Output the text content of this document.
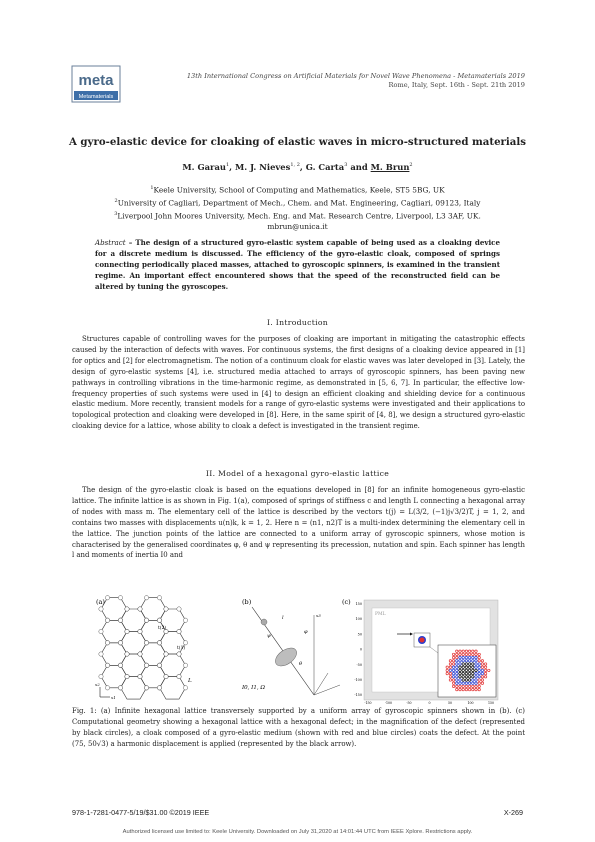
meta
Metamaterials
13th International Congress on Artificial Materials for Novel Wave Phenomena - Metamaterials 2019
Rome, Italy, Sept. 16th - Sept. 21th 2019
A gyro-elastic device for cloaking of elastic waves in micro-structured materials
M. Garau$^1$, M. J. Nieves$^{1, 2}$, G. Carta$^3$ and M. Brun$^2$
$^1$Keele University, School of Computing and Mathematics, Keele, ST5 5BG, UK
$^2$University of Cagliari, Department of Mech., Chem. and Mat. Engineering, Cagliari, 09123, Italy
$^3$Liverpool John Moores University, Mech. Eng. and Mat. Research Centre, Liverpool, L3 3AF, UK.
mbrun@unica.it
Abstract – The design of a structured gyro-elastic system capable of being used as a cloaking device for a discrete medium is discussed. The efficiency of the gyro-elastic cloak, composed of springs connecting periodically placed masses, attached to gyroscopic spinners, is examined in the transient regime. An important effect encountered shows that the speed of the reconstructed field can be altered by tuning the gyroscopes.
I. Introduction
Structures capable of controlling waves for the purposes of cloaking are important in mitigating the catastrophic effects caused by the interaction of defects with waves. For continuous systems, the first designs of a cloaking device appeared in [1] for optics and [2] for electromagnetism. The notion of a continuum cloak for elastic waves was later developed in [3]. Lately, the design of gyro-elastic systems [4], i.e. structured media attached to arrays of gyroscopic spinners, has been paving new pathways in controlling vibrations in the time-harmonic regime, as demonstrated in [5, 6, 7]. In particular, the effective low-frequency properties of such systems were used in [4] to design an efficient cloaking and shielding device for a continuous elastic medium. More recently, transient models for a range of gyro-elastic systems were investigated and their applications to topological protection and cloaking were developed in [8]. Here, in the same spirit of [4, 8], we design a structured gyro-elastic cloaking device for a lattice, whose ability to cloak a defect is investigated in the transient regime.
II. Model of a hexagonal gyro-elastic lattice
The design of the gyro-elastic cloak is based on the equations developed in [8] for an infinite homogeneous gyro-elastic lattice. The infinite lattice is as shown in Fig. 1(a), composed of springs of stiffness c and length L connecting a hexagonal array of nodes with mass m. The elementary cell of the lattice is described by the vectors t(j) = L(3/2, (−1)j√3/2)T, j = 1, 2, and contains two masses with displacements u(n)k, k = 1, 2. Here n = (n1, n2)T is a multi-index determining the elementary cell in the lattice. The junction points of the lattice are connected to a uniform array of gyroscopic spinners, whose motion is characterised by the generalised coordinates φ, θ and ψ representing its precession, nutation and spin. Each spinner has length l and moments of inertia I0 and
(a)
L
t(1)
t(2)
x1
x2
(b)
I0, I1, Ω
φ
θ
ψ
l	x3
(c)
PML
150
100
50
0
-50
-100
-150
-150	-100	-50	0	50	100	150
Fig. 1: (a) Infinite hexagonal lattice transversely supported by a uniform array of gyroscopic spinners shown in (b). (c) Computational geometry showing a hexagonal lattice with a hexagonal defect; in the magnification of the defect (represented by black circles), a cloak composed of a gyro-elastic medium (shown with red and blue circles) coats the defect. At the point (75, 50√3) a harmonic displacement is applied (represented by the black arrow).
978-1-7281-0477-5/19/$31.00 ©2019 IEEE	X-269
Authorized licensed use limited to: Keele University. Downloaded on July 31,2020 at 14:01:44 UTC from IEEE Xplore. Restrictions apply.
